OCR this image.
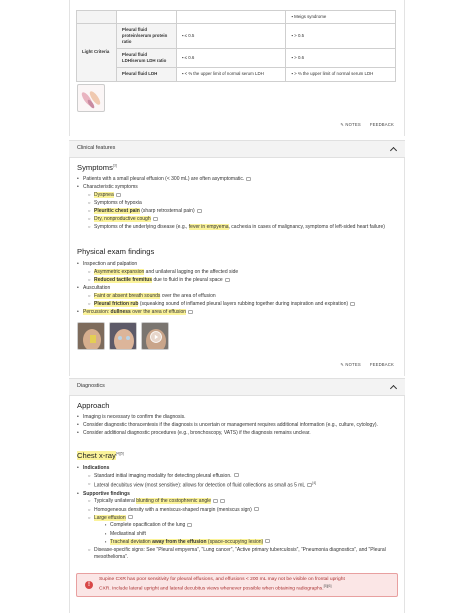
			▪ Meigs syndrome
Light Criteria	Pleural fluid protein/serum protein ratio	▪ ≤ 0.5	▪ > 0.5
	Pleural fluid LDH/serum LDH ratio	▪ ≤ 0.6	▪ > 0.6
	Pleural fluid LDH	▪ < ⅔ the upper limit of normal serum LDH	▪ > ⅔ the upper limit of normal serum LDH
✎ NOTES FEEDBACK
Clinical features
Symptoms[3]
• Patients with a small pleural effusion (< 300 mL) are often asymptomatic.
• Characteristic symptoms
○ Dyspnea
○ Symptoms of hypoxia
○ Pleuritic chest pain (sharp retrosternal pain)
○ Dry, nonproductive cough
○ Symptoms of the underlying disease (e.g., fever in empyema, cachexia in cases of malignancy, symptoms of left-sided heart failure)
Physical exam findings
• Inspection and palpation
○ Asymmetric expansion and unilateral lagging on the affected side
○ Reduced tactile fremitus due to fluid in the pleural space
• Auscultation
○ Faint or absent breath sounds over the area of effusion
○ Pleural friction rub (squeaking sound of inflamed pleural layers rubbing together during inspiration and expiration)
• Percussion: dullness over the area of effusion
✎ NOTES FEEDBACK
Diagnostics
Approach
• Imaging is necessary to confirm the diagnosis.
• Consider diagnostic thoracentesis if the diagnosis is uncertain or management requires additional information (e.g., culture, cytology).
• Consider additional diagnostic procedures (e.g., bronchoscopy, VATS) if the diagnosis remains unclear.
Chest x-ray[4][5]
• Indications
○ Standard initial imaging modality for detecting pleural effusion.
○ Lateral decubitus view (most sensitive): allows for detection of fluid collections as small as 5 mL [4]
• Supportive findings
○ Typically unilateral blunting of the costophrenic angle
○ Homogeneous density with a meniscus-shaped margin (meniscus sign)
○ Large effusion
▪ Complete opacification of the lung
▪ Mediastinal shift
▪ Tracheal deviation away from the effusion (space-occupying lesion)
○ Disease-specific signs: See “Pleural empyema”, “Lung cancer”, “Active primary tuberculosis”, “Pneumonia diagnostics”, and “Pleural mesothelioma”.
!
Supine CXR has poor sensitivity for pleural effusions, and effusions < 200 mL may not be visible on frontal upright
CXR. Include lateral upright and lateral decubitus views whenever possible when obtaining radiographs.[5][6]
